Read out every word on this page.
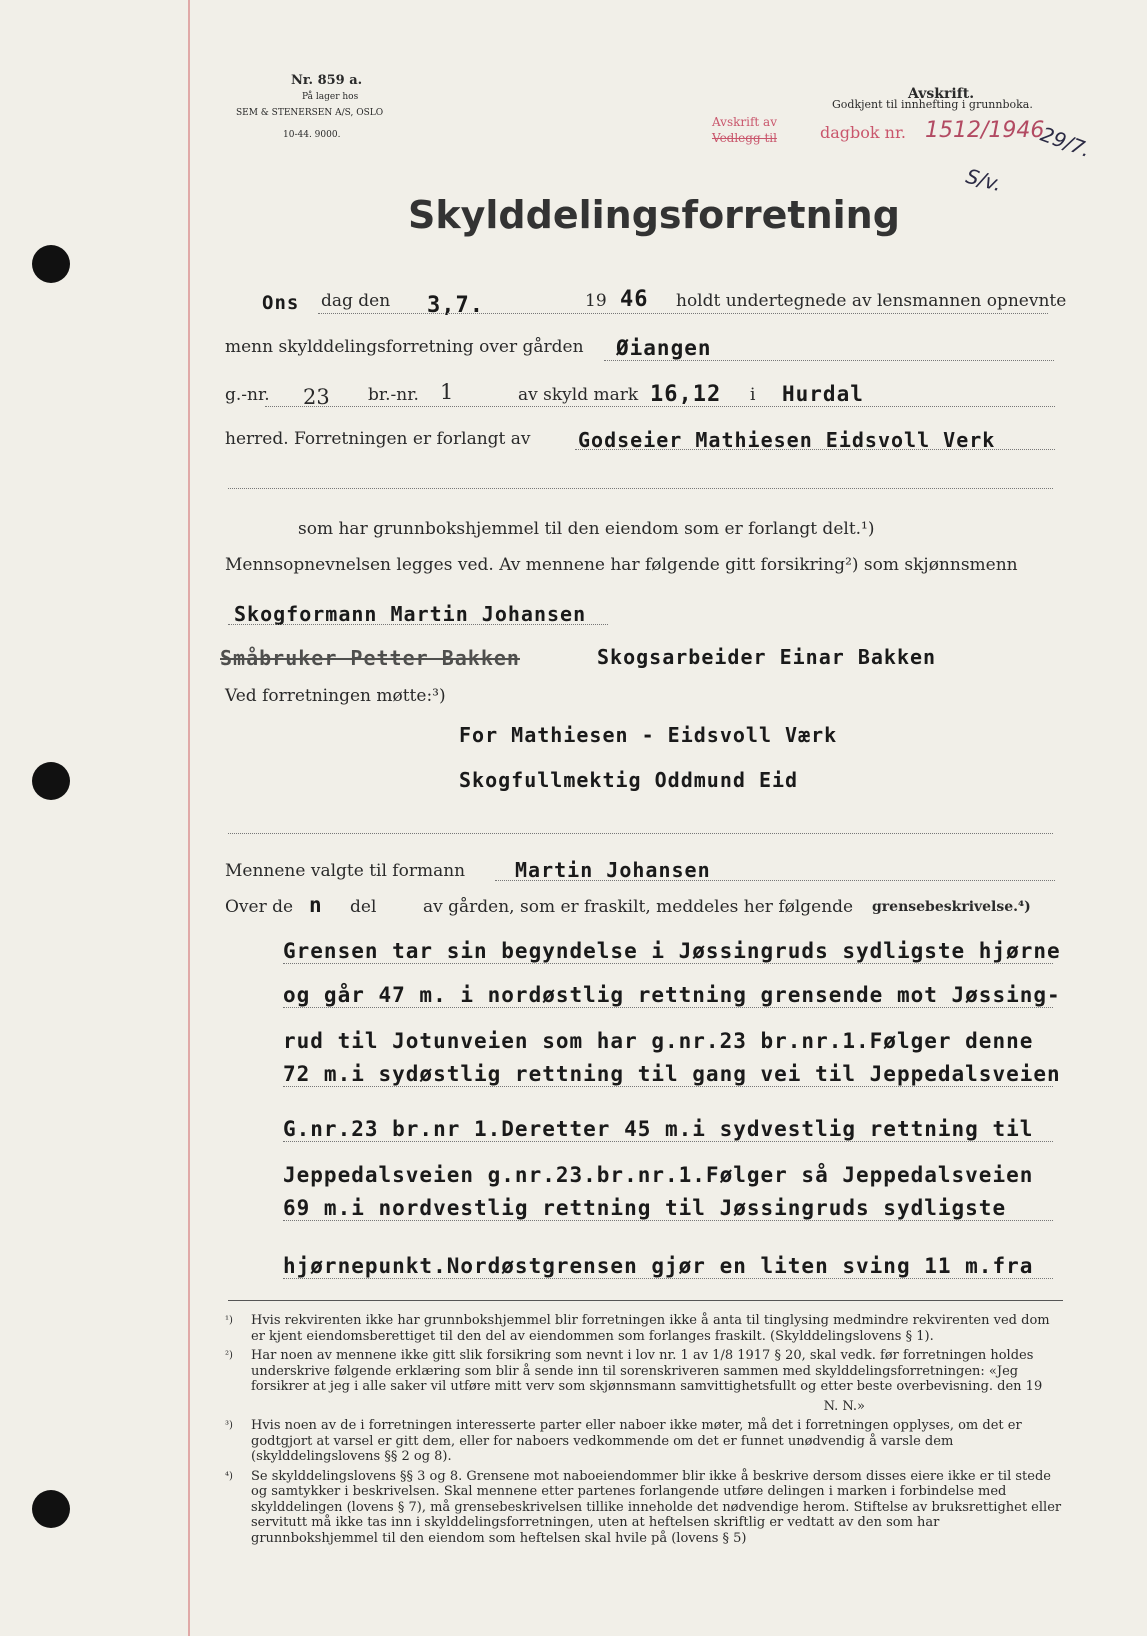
Nr. 859 a.
På lager hos
SEM & STENERSEN A/S, OSLO
10-44. 9000.
Avskrift.
Godkjent til innhefting i grunnboka.
Avskrift av
Vedlegg til	dagbok nr. 1512/1946
29/7.
S/v.
Skylddelingsforretning
Ons dag den 3,7.	19 46 holdt undertegnede av lensmannen opnevnte
menn skylddelingsforretning over gården Øiangen
g.-nr. 23 br.-nr. 1	av skyld mark 16,12 i Hurdal
herred. Forretningen er forlangt av Godseier Mathiesen Eidsvoll Verk
som har grunnbokshjemmel til den eiendom som er forlangt delt.¹)
Mennsopnevnelsen legges ved. Av mennene har følgende gitt forsikring²) som skjønnsmenn
Skogformann Martin Johansen
Småbruker Petter Bakken	Skogsarbeider Einar Bakken
Ved forretningen møtte:³)
For Mathiesen - Eidsvoll Værk
Skogfullmektig Oddmund Eid
Mennene valgte til formann Martin Johansen
Over de n del	av gården, som er fraskilt, meddeles her følgende grensebeskrivelse.⁴)
Grensen tar sin begyndelse i Jøssingruds sydligste hjørne
og går 47 m. i nordøstlig rettning grensende mot Jøssing-
rud til Jotunveien som har g.nr.23 br.nr.1.Følger denne
72 m.i sydøstlig rettning til gang vei til Jeppedalsveien
G.nr.23 br.nr 1.Deretter 45 m.i sydvestlig rettning til
Jeppedalsveien g.nr.23.br.nr.1.Følger så Jeppedalsveien
69 m.i nordvestlig rettning til Jøssingruds sydligste
hjørnepunkt.Nordøstgrensen gjør en liten sving 11 m.fra
¹) Hvis rekvirenten ikke har grunnbokshjemmel blir forretningen ikke å anta til tinglysing medmindre rekvirenten ved dom er kjent eiendomsberettiget til den del av eiendommen som forlanges fraskilt. (Skylddelingslovens § 1).
²) Har noen av mennene ikke gitt slik forsikring som nevnt i lov nr. 1 av 1/8 1917 § 20, skal vedk. før forretningen holdes underskrive følgende erklæring som blir å sende inn til sorenskriveren sammen med skylddelingsforretningen: «Jeg forsikrer at jeg i alle saker vil utføre mitt verv som skjønnsmann samvittighetsfullt og etter beste overbevisning. den 19
N. N.»
³) Hvis noen av de i forretningen interesserte parter eller naboer ikke møter, må det i forretningen opplyses, om det er godtgjort at varsel er gitt dem, eller for naboers vedkommende om det er funnet unødvendig å varsle dem (skylddelingslovens §§ 2 og 8).
⁴) Se skylddelingslovens §§ 3 og 8. Grensene mot naboeiendommer blir ikke å beskrive dersom disses eiere ikke er til stede og samtykker i beskrivelsen. Skal mennene etter partenes forlangende utføre delingen i marken i forbindelse med skylddelingen (lovens § 7), må grensebeskrivelsen tillike inneholde det nødvendige herom. Stiftelse av bruksrettighet eller servitutt må ikke tas inn i skylddelingsforretningen, uten at heftelsen skriftlig er vedtatt av den som har grunnbokshjemmel til den eiendom som heftelsen skal hvile på (lovens § 5)
